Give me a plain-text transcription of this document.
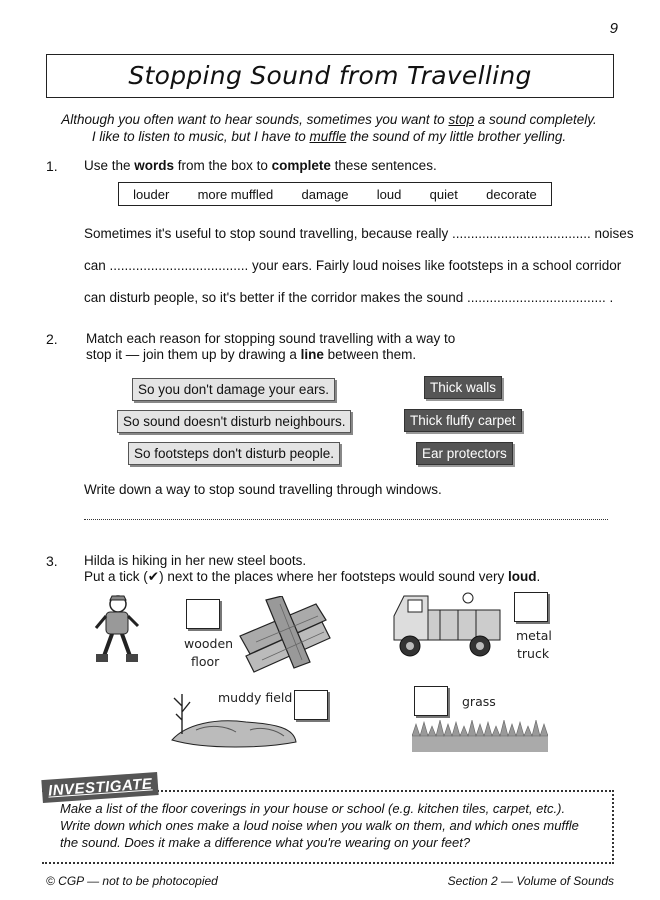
9
Stopping Sound from Travelling
Although you often want to hear sounds, sometimes you want to stop a sound completely.
I like to listen to music, but I have to muffle the sound of my little brother yelling.
1. Use the words from the box to complete these sentences.
louder more muffled damage loud quiet decorate
Sometimes it's useful to stop sound travelling, because really ..................................... noises
can ..................................... your ears. Fairly loud noises like footsteps in a school corridor
can disturb people, so it's better if the corridor makes the sound ..................................... .
2. Match each reason for stopping sound travelling with a way to
stop it — join them up by drawing a line between them.
So you don't damage your ears.
So sound doesn't disturb neighbours.
So footsteps don't disturb people.
Thick walls
Thick fluffy carpet
Ear protectors
Write down a way to stop sound travelling through windows.
3. Hilda is hiking in her new steel boots.
Put a tick (✔) next to the places where her footsteps would sound very loud.
wooden
floor
metal
truck
muddy field	grass
INVESTIGATE
Make a list of the floor coverings in your house or school (e.g. kitchen tiles, carpet, etc.).
Write down which ones make a loud noise when you walk on them, and which ones muffle
the sound. Does it make a difference what you're wearing on your feet?
© CGP — not to be photocopied	Section 2 — Volume of Sounds
